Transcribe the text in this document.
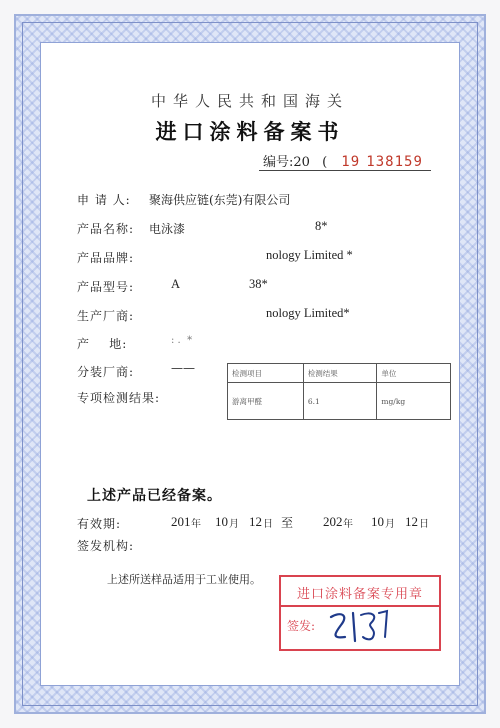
中华人民共和国海关
进口涂料备案书
编号:20 ( 19 138159
申 请 人: 聚海供应链(东莞)有限公司
产品名称: 电泳漆	8*
产品品牌:	nology Limited *
产品型号:	A	38*
生产厂商:	nology Limited*
产    地:	: .  *
分装厂商:	——
专项检测结果:
检测项目	检测结果	单位
游离甲醛	6.1	mg/kg
上述产品已经备案。
有效期:	201 年 10 月 12 日 至 202 年 10 月 12 日
签发机构:
上述所送样品适用于工业使用。
进口涂料备案专用章
签发:
